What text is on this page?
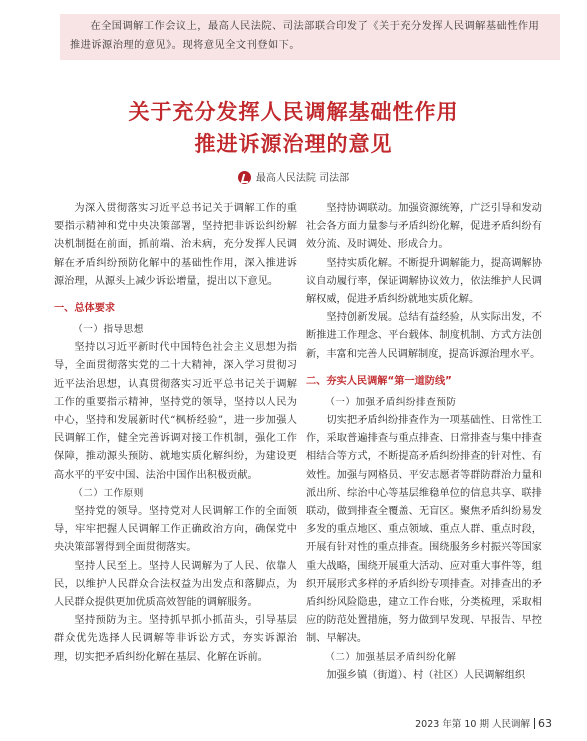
在全国调解工作会议上，最高人民法院、司法部联合印发了《关于充分发挥人民调解基础性作用 推进诉源治理的意见》。现将意见全文刊登如下。

关于充分发挥人民调解基础性作用
推进诉源治理的意见
最高人民法院 司法部

为深入贯彻落实习近平总书记关于调解工作的重要指示精神和党中央决策部署，坚持把非诉讼纠纷解决机制挺在前面，抓前端、治未病，充分发挥人民调解在矛盾纠纷预防化解中的基础性作用，深入推进诉源治理，从源头上减少诉讼增量，提出以下意见。

一、总体要求

（一）指导思想

坚持以习近平新时代中国特色社会主义思想为指导，全面贯彻落实党的二十大精神，深入学习贯彻习近平法治思想，认真贯彻落实习近平总书记关于调解工作的重要指示精神，坚持党的领导，坚持以人民为中心，坚持和发展新时代“枫桥经验”，进一步加强人民调解工作，健全完善诉调对接工作机制，强化工作保障，推动源头预防、就地实质化解纠纷，为建设更高水平的平安中国、法治中国作出积极贡献。

（二）工作原则

坚持党的领导。坚持党对人民调解工作的全面领导，牢牢把握人民调解工作正确政治方向，确保党中央决策部署得到全面贯彻落实。

坚持人民至上。坚持人民调解为了人民、依靠人民，以维护人民群众合法权益为出发点和落脚点，为人民群众提供更加优质高效智能的调解服务。

坚持预防为主。坚持抓早抓小抓苗头，引导基层群众优先选择人民调解等非诉讼方式，夯实诉源治理，切实把矛盾纠纷化解在基层、化解在诉前。

坚持协调联动。加强资源统筹，广泛引导和发动社会各方面力量参与矛盾纠纷化解，促进矛盾纠纷有效分流、及时调处、形成合力。

坚持实质化解。不断提升调解能力，提高调解协议自动履行率，保证调解协议效力，依法维护人民调解权威，促进矛盾纠纷就地实质化解。

坚持创新发展。总结有益经验，从实际出发，不断推进工作理念、平台载体、制度机制、方式方法创新，丰富和完善人民调解制度，提高诉源治理水平。

二、夯实人民调解“第一道防线”

（一）加强矛盾纠纷排查预防

切实把矛盾纠纷排查作为一项基础性、日常性工作，采取普遍排查与重点排查、日常排查与集中排查相结合等方式，不断提高矛盾纠纷排查的针对性、有效性。加强与网格员、平安志愿者等群防群治力量和派出所、综治中心等基层维稳单位的信息共享、联排联动，做到排查全覆盖、无盲区。聚焦矛盾纠纷易发多发的重点地区、重点领域、重点人群、重点时段，开展有针对性的重点排查。围绕服务乡村振兴等国家重大战略，围绕开展重大活动、应对重大事件等，组织开展形式多样的矛盾纠纷专项排查。对排查出的矛盾纠纷风险隐患，建立工作台账，分类梳理，采取相应的防范处置措施，努力做到早发现、早报告、早控制、早解决。

（二）加强基层矛盾纠纷化解

加强乡镇（街道）、村（社区）人民调解组织

2023 年第 10 期 人民调解 63
